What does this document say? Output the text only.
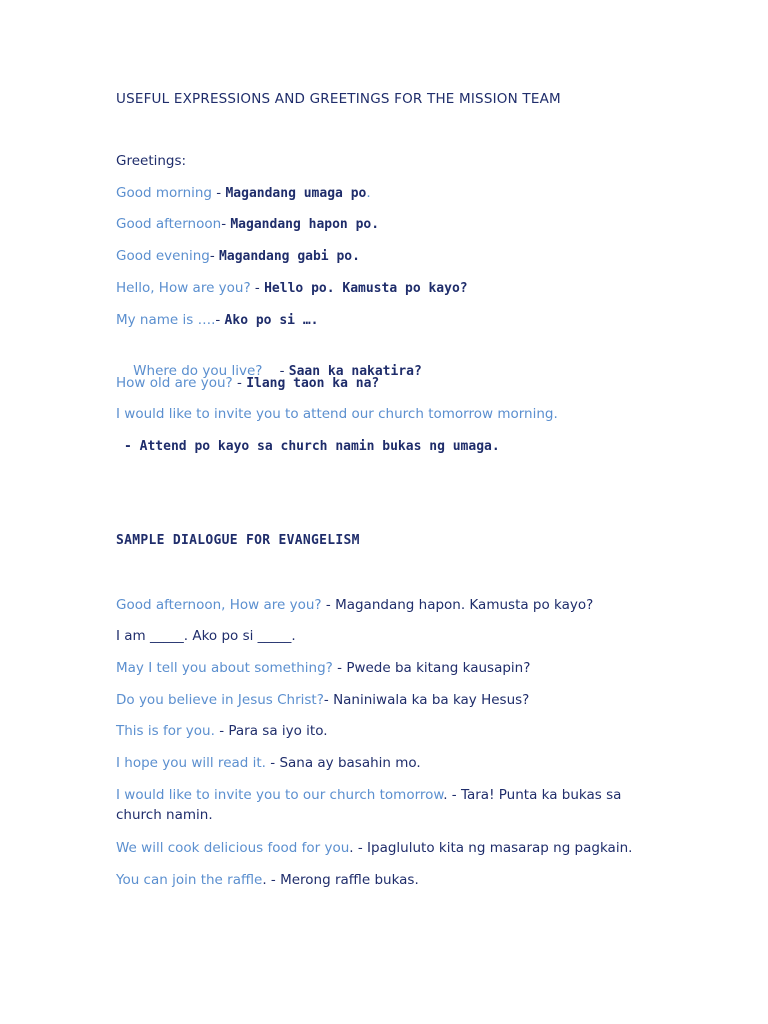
USEFUL EXPRESSIONS AND GREETINGS FOR THE MISSION TEAM
Greetings:
Good morning - Magandang umaga po.
Good afternoon- Magandang hapon po.
Good evening- Magandang gabi po.
Hello, How are you? - Hello po. Kamusta po kayo?
My name is ….- Ako po si ….

Where do you live?    - Saan ka nakatira?

How old are you? - Ilang taon ka na?
I would like to invite you to attend our church tomorrow morning.
- Attend po kayo sa church namin bukas ng umaga.
SAMPLE DIALOGUE FOR EVANGELISM
Good afternoon, How are you? - Magandang hapon. Kamusta po kayo?
I am _____. Ako po si _____.
May I tell you about something? - Pwede ba kitang kausapin?
Do you believe in Jesus Christ?- Naniniwala ka ba kay Hesus?
This is for you. - Para sa iyo ito.
I hope you will read it. - Sana ay basahin mo.
I would like to invite you to our church tomorrow. - Tara! Punta ka bukas sa church namin.
We will cook delicious food for you. - Ipagluluto kita ng masarap ng pagkain.
You can join the raffle. - Merong raffle bukas.
